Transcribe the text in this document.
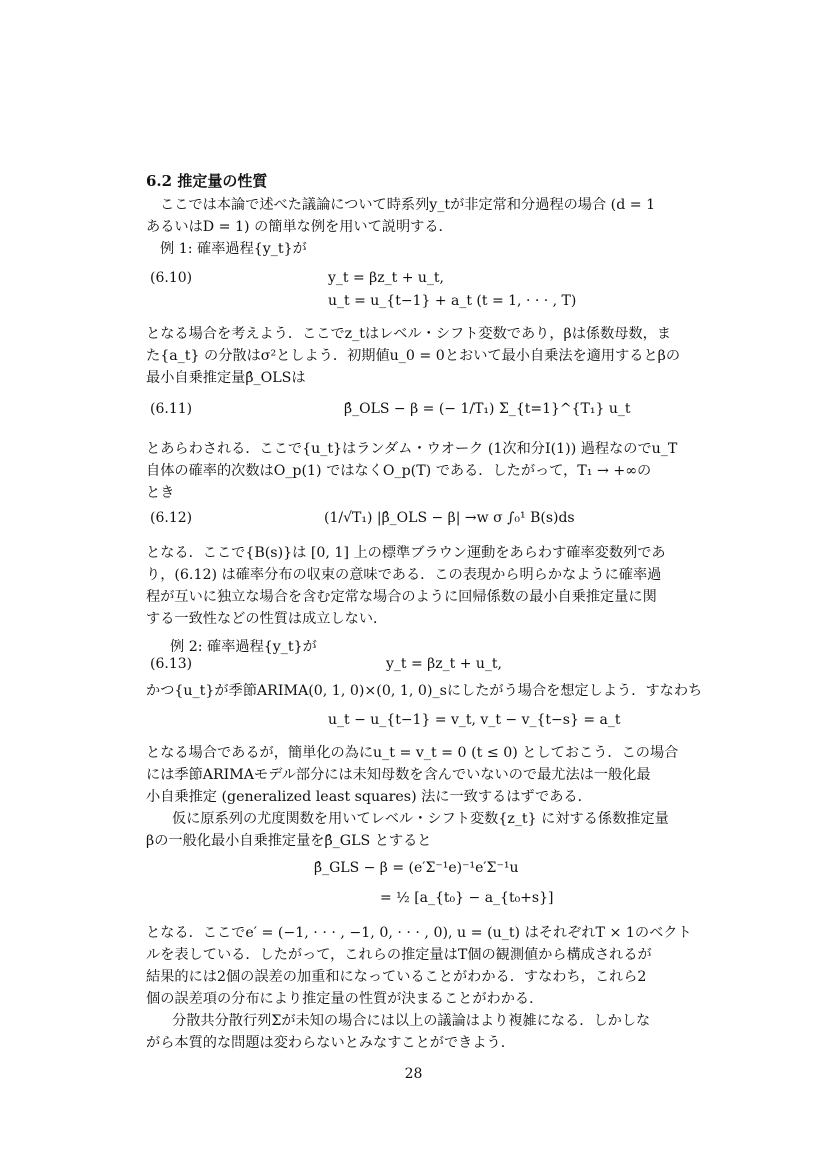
6.2 推定量の性質
ここでは本論で述べた議論について時系列y_tが非定常和分過程の場合 (d = 1
あるいはD = 1) の簡単な例を用いて説明する．
例 1: 確率過程{y_t}が
(6.10)	y_t = βz_t + u_t,
u_t = u_{t−1} + a_t (t = 1, · · · , T)
となる場合を考えよう．ここでz_tはレベル・シフト変数であり，βは係数母数，ま
た{a_t} の分散はσ²としよう．初期値u_0 = 0とおいて最小自乗法を適用するとβの
最小自乗推定量β̂_OLSは
(6.11)	β̂_OLS − β = (− 1/T₁) Σ_{t=1}^{T₁} u_t
とあらわされる．ここで{u_t}はランダム・ウオーク (1次和分I(1)) 過程なのでu_T
自体の確率的次数はO_p(1) ではなくO_p(T) である．したがって，T₁ → +∞の
とき
(6.12)	(1/√T₁) |β̂_OLS − β| →w σ ∫₀¹ B(s)ds
となる．ここで{B(s)}は [0, 1] 上の標準ブラウン運動をあらわす確率変数列であ
り，(6.12) は確率分布の収束の意味である．この表現から明らかなように確率過
程が互いに独立な場合を含む定常な場合のように回帰係数の最小自乗推定量に関
する一致性などの性質は成立しない．
例 2: 確率過程{y_t}が
(6.13)	y_t = βz_t + u_t,
かつ{u_t}が季節ARIMA(0, 1, 0)×(0, 1, 0)_sにしたがう場合を想定しよう．すなわち
u_t − u_{t−1} = v_t, v_t − v_{t−s} = a_t
となる場合であるが，簡単化の為にu_t = v_t = 0 (t ≤ 0) としておこう．この場合
には季節ARIMAモデル部分には未知母数を含んでいないので最尤法は一般化最
小自乗推定 (generalized least squares) 法に一致するはずである．
仮に原系列の尤度関数を用いてレベル・シフト変数{z_t} に対する係数推定量
βの一般化最小自乗推定量をβ̂_GLS とすると
β̂_GLS − β = (e′Σ⁻¹e)⁻¹e′Σ⁻¹u
= ½ [a_{t₀} − a_{t₀+s}]
となる．ここでe′ = (−1, · · · , −1, 0, · · · , 0), u = (u_t) はそれぞれT × 1のベクト
ルを表している．したがって，これらの推定量はT個の観測値から構成されるが
結果的には2個の誤差の加重和になっていることがわかる．すなわち，これら2
個の誤差項の分布により推定量の性質が決まることがわかる．
分散共分散行列Σが未知の場合には以上の議論はより複雑になる．しかしな
がら本質的な問題は変わらないとみなすことができよう．
28
